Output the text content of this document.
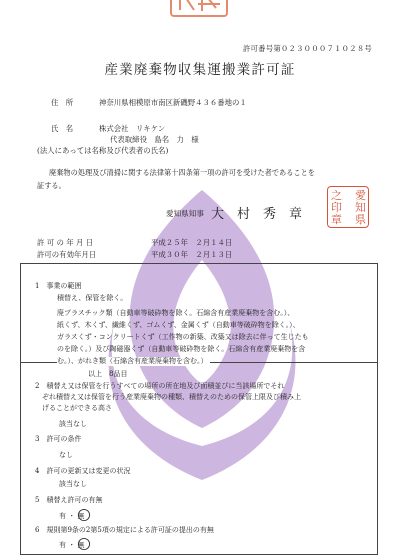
許可番号第０２３０００７１０２８号
産業廃棄物収集運搬業許可証
住　所	神奈川県相模原市南区新磯野４３６番地の１
氏　名	株式会社　リキケン
代表取締役　島名　力　様
(法人にあっては名称及び代表者の氏名)
廃棄物の処理及び清掃に関する法律第十四条第一項の許可を受けた者であることを
証する。
愛知県知事 大　村　秀　章
愛
知
県
之
印
章
許 可 の 年 月 日	平成２５年　２月１４日
許可の有効年月日	平成３０年　２月１３日
1　事業の範囲
積替え、保管を除く。
廃プラスチック類（自動車等破砕物を除く。石綿含有産業廃棄物を含む。）、
紙くず、木くず、繊維くず、ゴムくず、金属くず（自動車等破砕物を除く。）、
ガラスくず・コンクリートくず（工作物の新築、改築又は除去に伴って生じたも
のを除く。）及び陶磁器くず（自動車等破砕物を除く。石綿含有産業廃棄物を含
む。）、がれき類（石綿含有産業廃棄物を含む。）
以上　8品目
2　積替え又は保管を行うすべての場所の所在地及び面積並びに当該場所でそれ
ぞれ積替え又は保管を行う産業廃棄物の種類、積替えのための保管上限及び積み上
げることができる高さ
該当なし
3　許可の条件
なし
4　許可の更新又は変更の状況
該当なし
5　積替え許可の有無
有 ・ 無
6　規則第9条の2第5項の規定による許可証の提出の有無
有 ・ 無
